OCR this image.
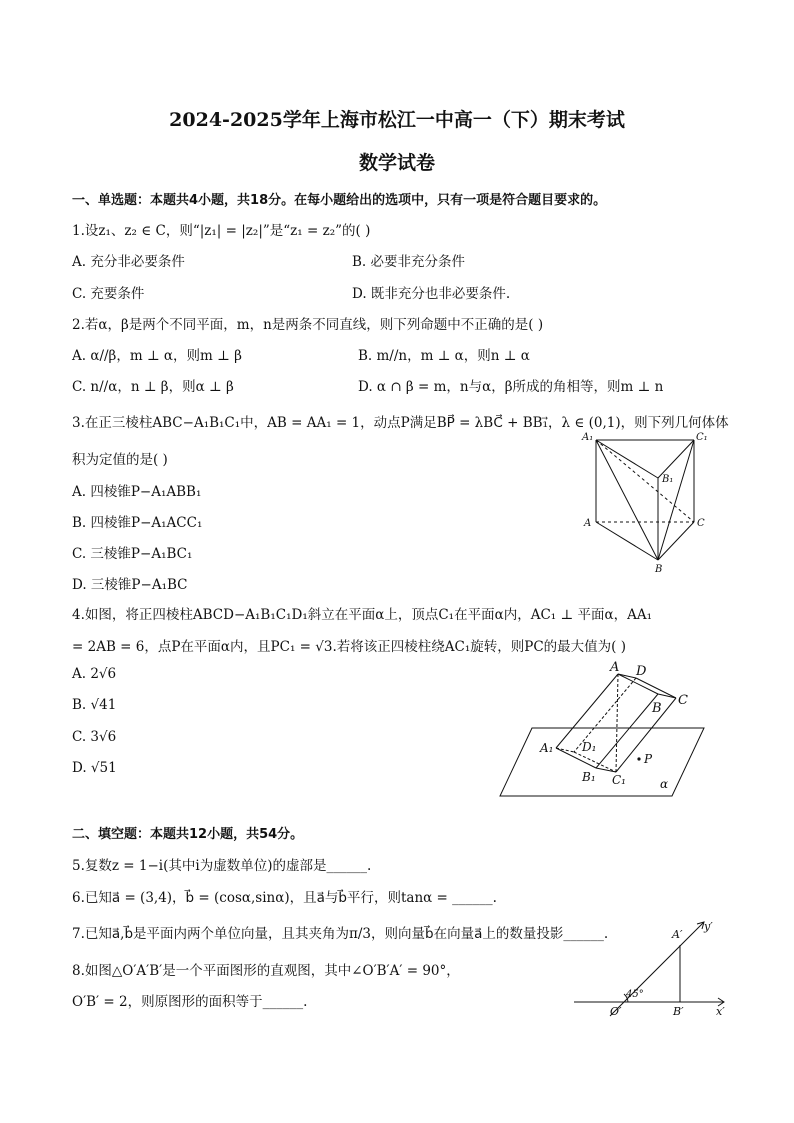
2024-2025学年上海市松江一中高一（下）期末考试
数学试卷
一、单选题：本题共4小题，共18分。在每小题给出的选项中，只有一项是符合题目要求的。
1.设z₁、z₂ ∈ C，则“|z₁| = |z₂|”是“z₁ = z₂”的( )
A. 充分非必要条件	B. 必要非充分条件
C. 充要条件	D. 既非充分也非必要条件.
2.若α，β是两个不同平面，m，n是两条不同直线，则下列命题中不正确的是( )
A. α//β，m ⊥ α，则m ⊥ β	B. m//n，m ⊥ α，则n ⊥ α
C. n//α，n ⊥ β，则α ⊥ β	D. α ∩ β = m，n与α，β所成的角相等，则m ⊥ n
3.在正三棱柱ABC−A₁B₁C₁中，AB = AA₁ = 1，动点P满足BP⃗ = λBC⃗ + BB₁⃗，λ ∈ (0,1)，则下列几何体体
积为定值的是( )
A. 四棱锥P−A₁ABB₁
B. 四棱锥P−A₁ACC₁
C. 三棱锥P−A₁BC₁
D. 三棱锥P−A₁BC
A₁	C₁
B₁
A	C
B
4.如图，将正四棱柱ABCD−A₁B₁C₁D₁斜立在平面α上，顶点C₁在平面α内，AC₁ ⊥ 平面α，AA₁
= 2AB = 6，点P在平面α内，且PC₁ = √3.若将该正四棱柱绕AC₁旋转，则PC的最大值为( )
A. 2√6
B. √41
C. 3√6
D. √51
A D
B
C
A₁ D₁
B₁ C₁
P
α
二、填空题：本题共12小题，共54分。
5.复数z = 1−i(其中i为虚数单位)的虚部是______.
6.已知a⃗ = (3,4)，b⃗ = (cosα,sinα)，且a⃗与b⃗平行，则tanα = ______.
7.已知a⃗,b⃗是平面内两个单位向量，且其夹角为π/3，则向量b⃗在向量a⃗上的数量投影______.
8.如图△O′A′B′是一个平面图形的直观图，其中∠O′B′A′ = 90°，
O′B′ = 2，则原图形的面积等于______.
A′
y′
45°
O′	B′	x′
